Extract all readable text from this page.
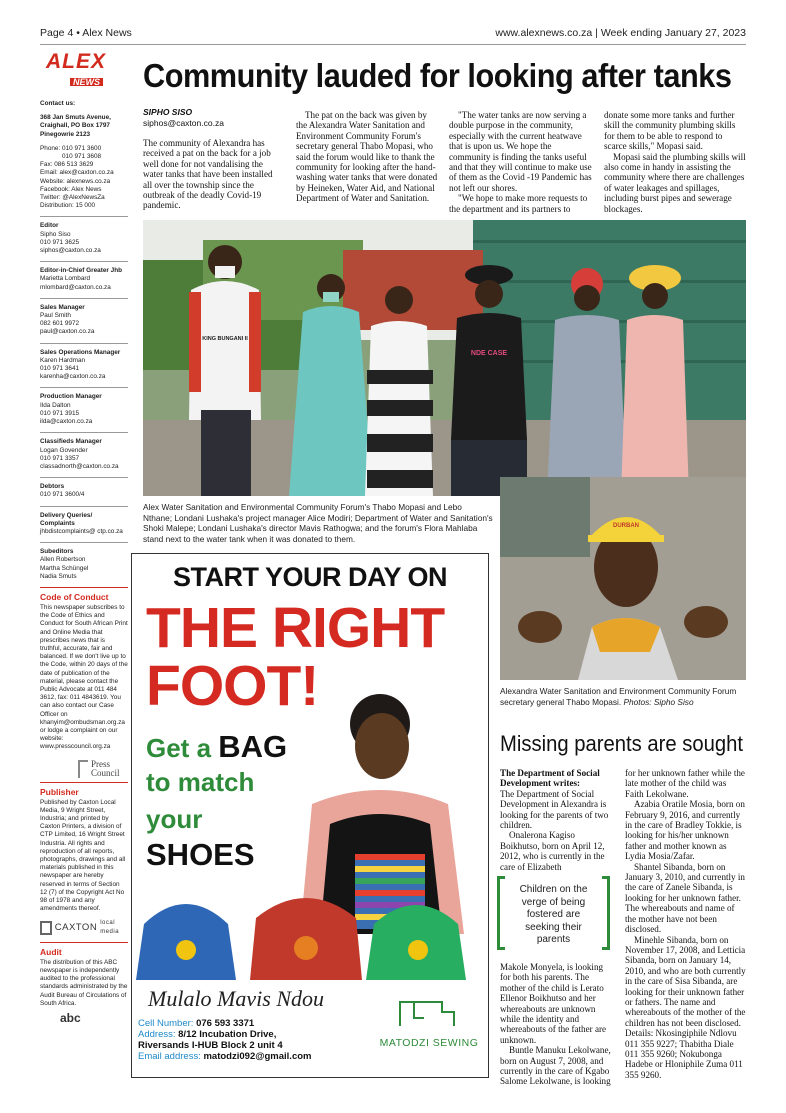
Page 4 • Alex News	www.alexnews.co.za | Week ending January 27, 2023
ALEX
NEWS
Contact us:
368 Jan Smuts Avenue,
Craighall, PO Box 1797
Pinegowrie 2123
Phone: 010 971 3600
010 971 3608
Fax: 086 513 3629
Email: alex@caxton.co.za
Website: alexnews.co.za
Facebook: Alex News
Twitter: @AlexNewsZa
Distribution: 15 000
Editor
Sipho Siso
010 971 3625
siphos@caxton.co.za
Editor-in-Chief Greater Jhb
Marietta Lombard
mlombard@caxton.co.za
Sales Manager
Paul Smith
082 601 9972
paul@caxton.co.za
Sales Operations Manager
Karen Hardman
010 971 3641
karenha@caxton.co.za
Production Manager
Ilda Dalton
010 971 3915
ilda@caxton.co.za
Classifieds Manager
Logan Govender
010 971 3357
classadnorth@caxton.co.za
Debtors
010 971 3600/4
Delivery Queries/ Complaints
jhbdistcomplaints@ ctp.co.za
Subeditors
Allen Robertson
Martha Schüngel
Nadia Smuts
Code of Conduct
This newspaper subscribes to the Code of Ethics and Conduct for South African Print and Online Media that prescribes news that is truthful, accurate, fair and balanced. If we don't live up to the Code, within 20 days of the date of publication of the material, please contact the Public Advocate at 011 484 3612, fax: 011 4843619. You can also contact our Case Officer on khanyim@ombudsman.org.za or lodge a complaint on our website: www.presscouncil.org.za
Press
Council
Publisher
Published by Caxton Local Media, 9 Wright Street, Industria; and printed by Caxton Printers, a division of CTP Limited, 16 Wright Street Industria. All rights and reproduction of all reports, photographs, drawings and all materials published in this newspaper are hereby reserved in terms of Section 12 (7) of the Copyright Act No 98 of 1978 and any amendments thereof.
CAXTON local media
Audit
The distribution of this ABC newspaper is independently audited to the professional standards administrated by the Audit Bureau of Circulations of South Africa.
abc
Community lauded for looking after tanks
SIPHO SISO
siphos@caxton.co.za

The community of Alexandra has received a pat on the back for a job well done for not vandalising the water tanks that have been installed all over the township since the outbreak of the deadly Covid-19 pandemic.

The pat on the back was given by the Alexandra Water Sanitation and Environment Community Forum's secretary general Thabo Mopasi, who said the forum would like to thank the community for looking after the hand-washing water tanks that were donated by Heineken, Water Aid, and National Department of Water and Sanitation.

"The water tanks are now serving a double purpose in the community, especially with the current heatwave that is upon us. We hope the community is finding the tanks useful and that they will continue to make use of them as the Covid -19 Pandemic has not left our shores.

"We hope to make more requests to the department and its partners to

donate some more tanks and further skill the community plumbing skills for them to be able to respond to scarce skills," Mopasi said.

Mopasi said the plumbing skills will also come in handy in assisting the community where there are challenges of water leakages and spillages, including burst pipes and sewerage blockages.

KING BUNGANI II
NDE CASE
Alex Water Sanitation and Environmental Community Forum's Thabo Mopasi and Lebo Nthane; Londani Lushaka's project manager Alice Modiri; Department of Water and Sanitation's Shoki Malepe; Londani Lushaka's director Mavis Rathogwa; and the forum's Flora Mahlaba stand next to the water tank when it was donated to them.
START YOUR DAY ON
THE RIGHT
FOOT!
Get a BAG
to match
your
SHOES
Mulalo Mavis Ndou
Cell Number: 076 593 3371
Address: 8/12 Incubation Drive,
Riversands I-HUB Block 2 unit 4
Email address: matodzi092@gmail.com
MATODZI SEWING
DURBAN
Alexandra Water Sanitation and Environment Community Forum secretary general Thabo Mopasi. Photos: Sipho Siso
Missing parents are sought

The Department of Social Development writes:

The Department of Social Development in Alexandra is looking for the parents of two children.

Onalerona Kagiso Boikhutso, born on April 12, 2012, who is currently in the care of Elizabeth

Children on the verge of being fostered are seeking their parents

Makole Monyela, is looking for both his parents. The mother of the child is Lerato Ellenor Boikhutso and her whereabouts are unknown while the identity and whereabouts of the father are unknown.

Buntle Manuku Lekolwane, born on August 7, 2008, and currently in the care of Kgabo Salome Lekolwane, is looking

for her unknown father while the late mother of the child was Faith Lekolwane.

Azabia Oratile Mosia, born on February 9, 2016, and currently in the care of Bradley Tokkie, is looking for his/her unknown father and mother known as Lydia Mosia/Zafar.

Shantel Sibanda, born on January 3, 2010, and currently in the care of Zanele Sibanda, is looking for her unknown father. The whereabouts and name of the mother have not been disclosed.

Minehle Sibanda, born on November 17, 2008, and Letticia Sibanda, born on January 14, 2010, and who are both currently in the care of Sisa Sibanda, are looking for their unknown father or fathers. The name and whereabouts of the mother of the children has not been disclosed.

Details: Nkosingiphile Ndlovu 011 355 9227; Thabitha Diale 011 355 9260; Nokubonga Hadebe or Hloniphile Zuma 011 355 9260.
